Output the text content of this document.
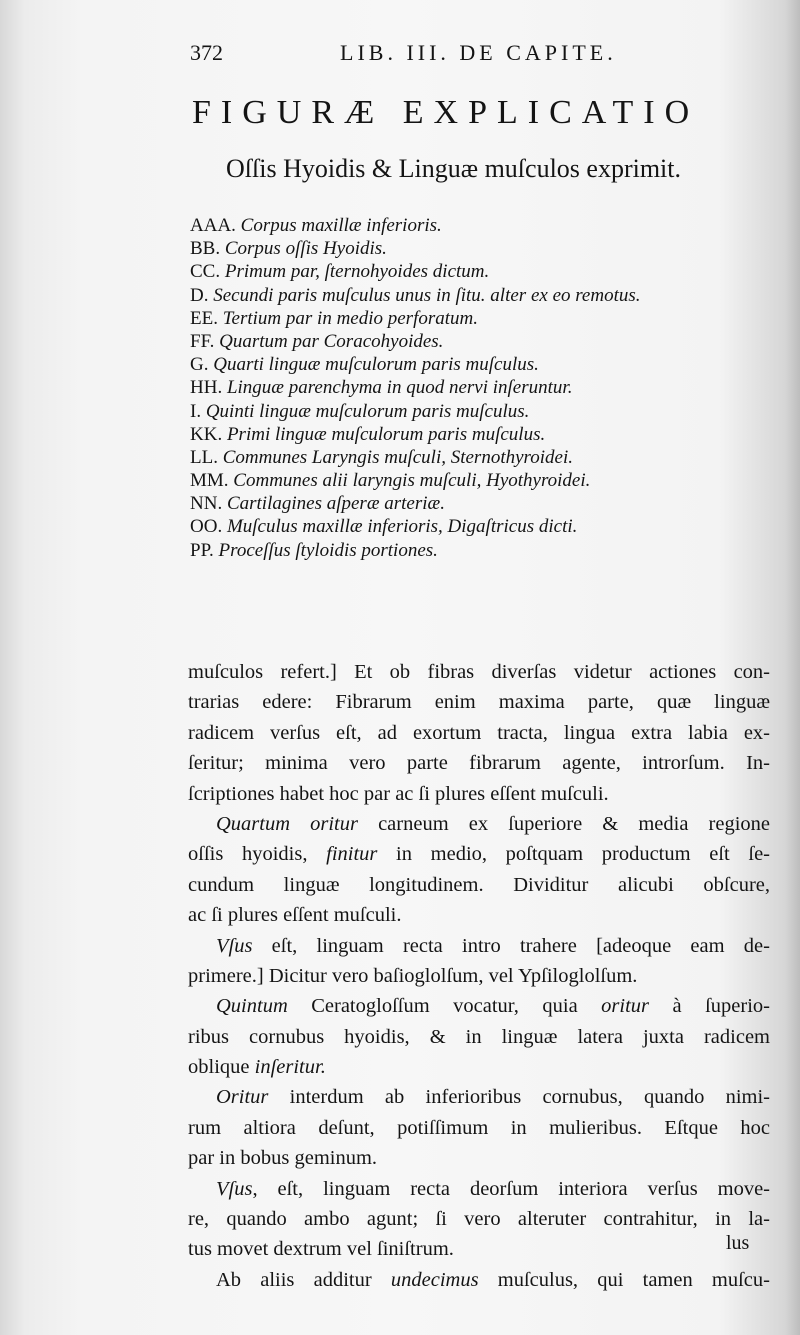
372	LIB. III. DE CAPITE.
FIGURÆ EXPLICATIO
Oſſis Hyoidis & Linguæ muſculos exprimit.
AAA. Corpus maxillæ inferioris.
BB. Corpus oſſis Hyoidis.
CC. Primum par, ſternohyoides dictum.
D. Secundi paris muſculus unus in ſitu. alter ex eo remotus.
EE. Tertium par in medio perforatum.
FF. Quartum par Coracohyoides.
G. Quarti linguæ muſculorum paris muſculus.
HH. Linguæ parenchyma in quod nervi inſeruntur.
I. Quinti linguæ muſculorum paris muſculus.
KK. Primi linguæ muſculorum paris muſculus.
LL. Communes Laryngis muſculi, Sternothyroidei.
MM. Communes alii laryngis muſculi, Hyothyroidei.
NN. Cartilagines aſperæ arteriæ.
OO. Muſculus maxillæ inferioris, Digaſtricus dicti.
PP. Proceſſus ſtyloidis portiones.
muſculos refert.] Et ob fibras diverſas videtur actiones con-
trarias edere: Fibrarum enim maxima parte, quæ linguæ
radicem verſus eſt, ad exortum tracta, lingua extra labia ex-
ſeritur; minima vero parte fibrarum agente, introrſum. In-
ſcriptiones habet hoc par ac ſi plures eſſent muſculi.
Quartum oritur carneum ex ſuperiore & media regione
oſſis hyoidis, finitur in medio, poſtquam productum eſt ſe-
cundum linguæ longitudinem. Dividitur alicubi obſcure,
ac ſi plures eſſent muſculi.
Vſus eſt, linguam recta intro trahere [adeoque eam de-
primere.] Dicitur vero baſioglolſum, vel Ypſiloglolſum.
Quintum Ceratogloſſum vocatur, quia oritur à ſuperio-
ribus cornubus hyoidis, & in linguæ latera juxta radicem
oblique inſeritur.
Oritur interdum ab inferioribus cornubus, quando nimi-
rum altiora deſunt, potiſſimum in mulieribus. Eſtque hoc
par in bobus geminum.
Vſus, eſt, linguam recta deorſum interiora verſus move-
re, quando ambo agunt; ſi vero alteruter contrahitur, in la-
tus movet dextrum vel ſiniſtrum.
Ab aliis additur undecimus muſculus, qui tamen muſcu-
lus
